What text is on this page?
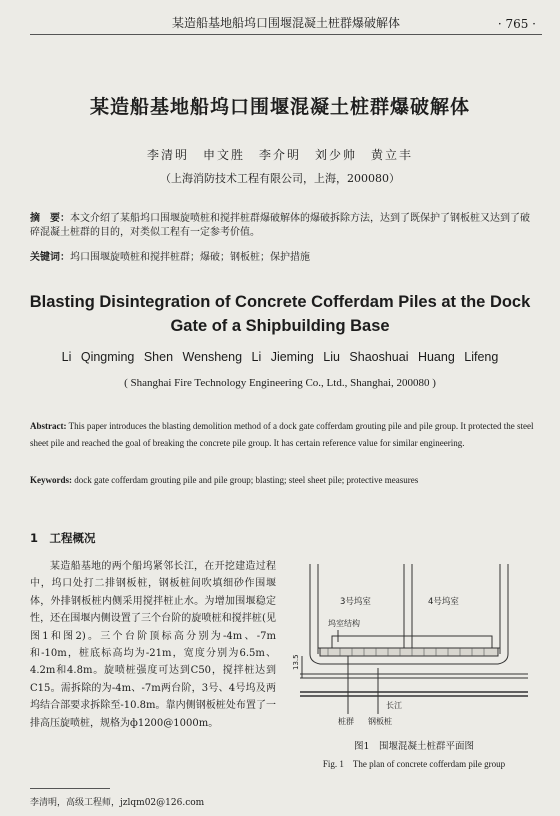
某造船基地船坞口围堰混凝土桩群爆破解体	· 765 ·
某造船基地船坞口围堰混凝土桩群爆破解体
李清明　申文胜　李介明　刘少帅　黄立丰
（上海消防技术工程有限公司，上海，200080）
摘　要：本文介绍了某船坞口围堰旋喷桩和搅拌桩群爆破解体的爆破拆除方法，达到了既保护了钢板桩又达到了破碎混凝土桩群的目的，对类似工程有一定参考价值。
关键词：坞口围堰旋喷桩和搅拌桩群；爆破；钢板桩；保护措施
Blasting Disintegration of Concrete Cofferdam Piles at the Dock Gate of a Shipbuilding Base
Li Qingming Shen Wensheng Li Jieming Liu Shaoshuai Huang Lifeng
( Shanghai Fire Technology Engineering Co., Ltd., Shanghai, 200080 )
Abstract: This paper introduces the blasting demolition method of a dock gate cofferdam grouting pile and pile group. It protected the steel sheet pile and reached the goal of breaking the concrete pile group. It has certain reference value for similar engineering.
Keywords: dock gate cofferdam grouting pile and pile group; blasting; steel sheet pile; protective measures
1　工程概况
某造船基地的两个船坞紧邻长江，在开挖建造过程中，坞口处打二排钢板桩，钢板桩间吹填细砂作围堰体，外排钢板桩内侧采用搅拌桩止水。为增加围堰稳定性，还在围堰内侧设置了三个台阶的旋喷桩和搅拌桩(见图1和图2)。三个台阶顶标高分别为-4m、-7m和-10m，桩底标高均为-21m，宽度分别为6.5m、4.2m和4.8m。旋喷桩强度可达到C50，搅拌桩达到C15。需拆除的为-4m、-7m两台阶，3号、4号坞及两坞结合部要求拆除至-10.8m。靠内侧钢板桩处布置了一排高压旋喷桩，规格为ф1200@1000m。
3号坞室	4号坞室
坞室结构
桩群 钢板桩
长江
13.5
图1　围堰混凝土桩群平面图
Fig. 1　The plan of concrete cofferdam pile group
李清明，高级工程师，jzlqm02@126.com
